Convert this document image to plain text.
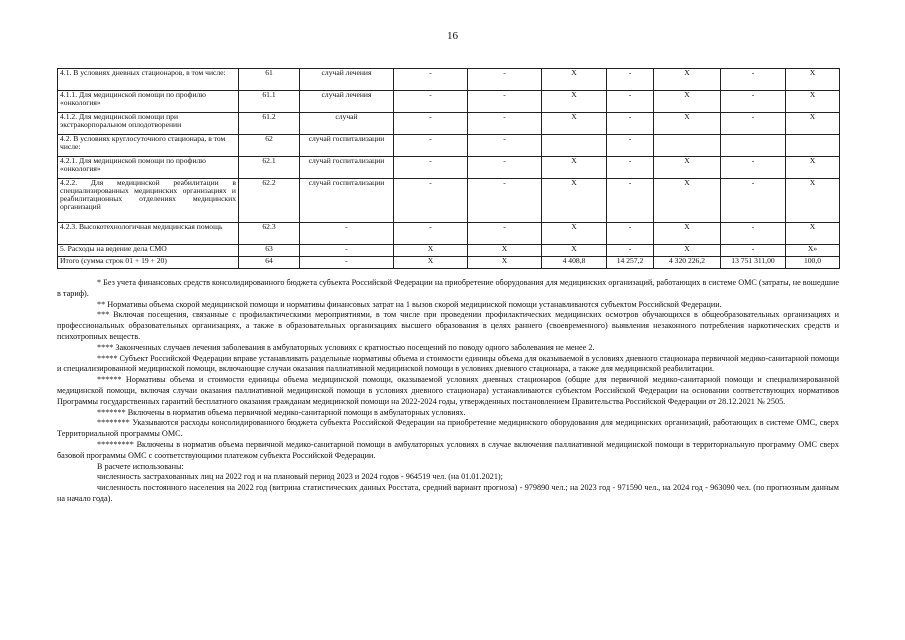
16
4.1. В условиях дневных стационаров, в том числе:	61	случай лечения	-	-	X	-	X	-	X
4.1.1. Для медицинской помощи по профилю «онкология»	61.1	случай лечения	-	-	X	-	X	-	X
4.1.2. Для медицинской помощи при экстракорпоральном оплодотворении	61.2	случай	-	-	X	-	X	-	X
4.2. В условиях круглосуточного стационара, в том числе:	62	случай госпитализации	-	-		-			
4.2.1. Для медицинской помощи по профилю «онкология»	62.1	случай госпитализации	-	-	X	-	X	-	X
4.2.2. Для медицинской реабилитации в специализированных медицинских организациях и реабилитационных отделениях медицинских организаций	62.2	случай госпитализации	-	-	X	-	X	-	X
4.2.3. Высокотехнологичная медицинская помощь	62.3	-	-	-	X	-	X	-	X
5. Расходы на ведение дела СМО	63	-	X	X	X	-	X	-	X»
Итого (сумма строк 01 + 19 + 20)	64	-	X	X	4 408,8	14 257,2	4 320 226,2	13 751 311,00	100,0

* Без учета финансовых средств консолидированного бюджета субъекта Российской Федерации на приобретение оборудования для медицинских организаций, работающих в системе ОМС (затраты, не вошедшие в тариф).

** Нормативы объема скорой медицинской помощи и нормативы финансовых затрат на 1 вызов скорой медицинской помощи устанавливаются субъектом Российской Федерации.

*** Включая посещения, связанные с профилактическими мероприятиями, в том числе при проведении профилактических медицинских осмотров обучающихся в общеобразовательных организациях и профессиональных образовательных организациях, а также в образовательных организациях высшего образования в целях раннего (своевременного) выявления незаконного потребления наркотических средств и психотропных веществ.

**** Законченных случаев лечения заболевания в амбулаторных условиях с кратностью посещений по поводу одного заболевания не менее 2.

***** Субъект Российской Федерации вправе устанавливать раздельные нормативы объема и стоимости единицы объема для оказываемой в условиях дневного стационара первичной медико-санитарной помощи и специализированной медицинской помощи, включающие случаи оказания паллиативной медицинской помощи в условиях дневного стационара, а также для медицинской реабилитации.

****** Нормативы объема и стоимости единицы объема медицинской помощи, оказываемой условиях дневных стационаров (общие для первичной медико-санитарной помощи и специализированной медицинской помощи, включая случаи оказания паллиативной медицинской помощи в условиях дневного стационара) устанавливаются субъектом Российской Федерации на основании соответствующих нормативов Программы государственных гарантий бесплатного оказания гражданам медицинской помощи на 2022-2024 годы, утвержденных постановлением Правительства Российской Федерации от 28.12.2021 № 2505.

******* Включены в норматив объема первичной медико-санитарной помощи в амбулаторных условиях.

******** Указываются расходы консолидированного бюджета субъекта Российской Федерации на приобретение медицинского оборудования для медицинских организаций, работающих в системе ОМС, сверх Территориальной программы ОМС.

********* Включены в норматив объема первичной медико-санитарной помощи в амбулаторных условиях в случае включения паллиативной медицинской помощи в территориальную программу ОМС сверх базовой программы ОМС с соответствующими платежом субъекта Российской Федерации.

В расчете использованы:

численность застрахованных лиц на 2022 год и на плановый период 2023 и 2024 годов - 964519 чел. (на 01.01.2021);

численность постоянного населения на 2022 год (витрина статистических данных Росстата, средний вариант прогноза) - 979890 чел.; на 2023 год - 971590 чел., на 2024 год - 963090 чел. (по прогнозным данным на начало года).
